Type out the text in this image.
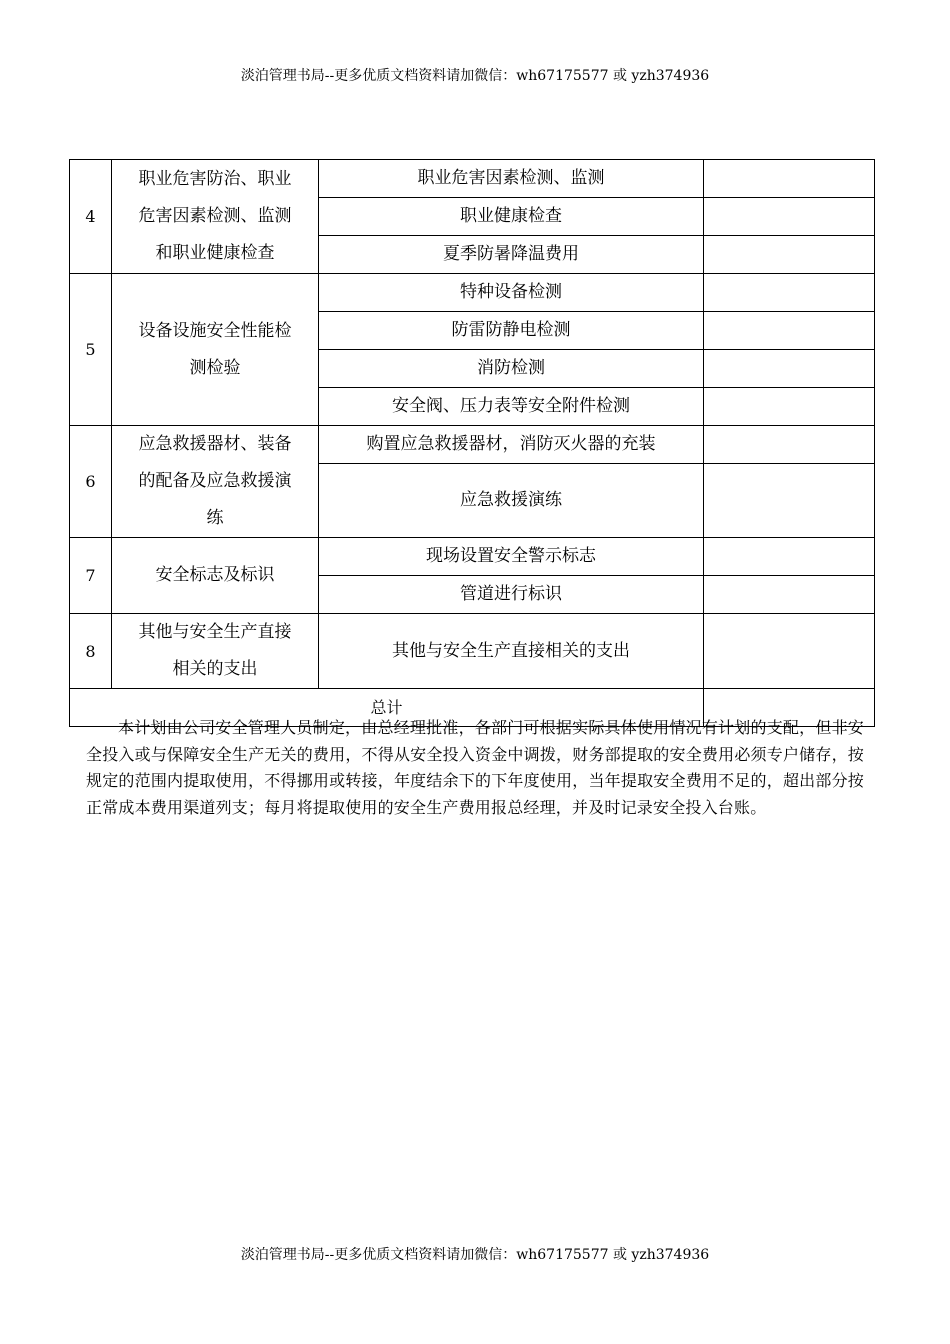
淡泊管理书局--更多优质文档资料请加微信：wh67175577 或 yzh374936
4	职业危害防治、职业
危害因素检测、监测
和职业健康检查	职业危害因素检测、监测	
		职业健康检查	
		夏季防暑降温费用	
5	设备设施安全性能检
测检验	特种设备检测	
		防雷防静电检测	
		消防检测	
		安全阀、压力表等安全附件检测	
6	应急救援器材、装备
的配备及应急救援演
练	购置应急救援器材，消防灭火器的充装	
		应急救援演练	
7	安全标志及标识	现场设置安全警示标志	
		管道进行标识	
8	其他与安全生产直接
相关的支出	其他与安全生产直接相关的支出	
总计			
本计划由公司安全管理人员制定，由总经理批准，各部门可根据实际具体使用情况有计划的支配，但非安全投入或与保障安全生产无关的费用，不得从安全投入资金中调拨，财务部提取的安全费用必须专户储存，按规定的范围内提取使用，不得挪用或转接，年度结余下的下年度使用，当年提取安全费用不足的，超出部分按正常成本费用渠道列支；每月将提取使用的安全生产费用报总经理，并及时记录安全投入台账。
淡泊管理书局--更多优质文档资料请加微信：wh67175577 或 yzh374936
